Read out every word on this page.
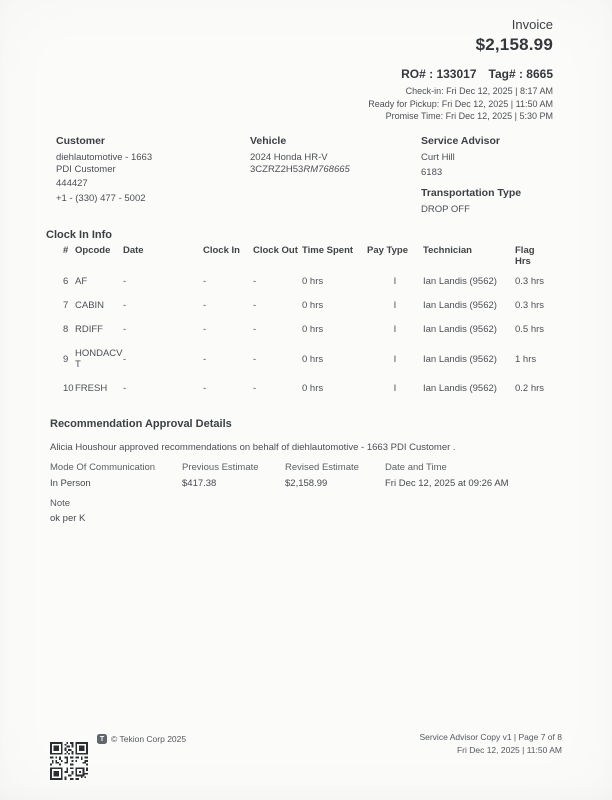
Invoice
$2,158.99
RO# : 133017 Tag# : 8665
Check-in: Fri Dec 12, 2025 | 8:17 AM
Ready for Pickup: Fri Dec 12, 2025 | 11:50 AM
Promise Time: Fri Dec 12, 2025 | 5:30 PM
Customer
diehlautomotive - 1663
PDI Customer
444427
+1 - (330) 477 - 5002
Vehicle
2024 Honda HR-V
3CZRZ2H53RM768665
Service Advisor
Curt Hill
6183
Transportation Type
DROP OFF
Clock In Info
#	Opcode	Date	Clock In	Clock Out	Time Spent	Pay Type	Technician	Flag Hrs
6	AF	-	-	-	0 hrs	I	Ian Landis (9562)	0.3 hrs
7	CABIN	-	-	-	0 hrs	I	Ian Landis (9562)	0.3 hrs
8	RDIFF	-	-	-	0 hrs	I	Ian Landis (9562)	0.5 hrs
9	HONDACVT	-	-	-	0 hrs	I	Ian Landis (9562)	1 hrs
10	FRESH	-	-	-	0 hrs	I	Ian Landis (9562)	0.2 hrs
Recommendation Approval Details

Alicia Houshour approved recommendations on behalf of diehlautomotive - 1663 PDI Customer .

Mode Of Communication
In Person
Previous Estimate
$417.38
Revised Estimate
$2,158.99
Date and Time
Fri Dec 12, 2025 at 09:26 AM
Note
ok per K
T © Tekion Corp 2025	Service Advisor Copy v1 | Page 7 of 8
Fri Dec 12, 2025 | 11:50 AM
